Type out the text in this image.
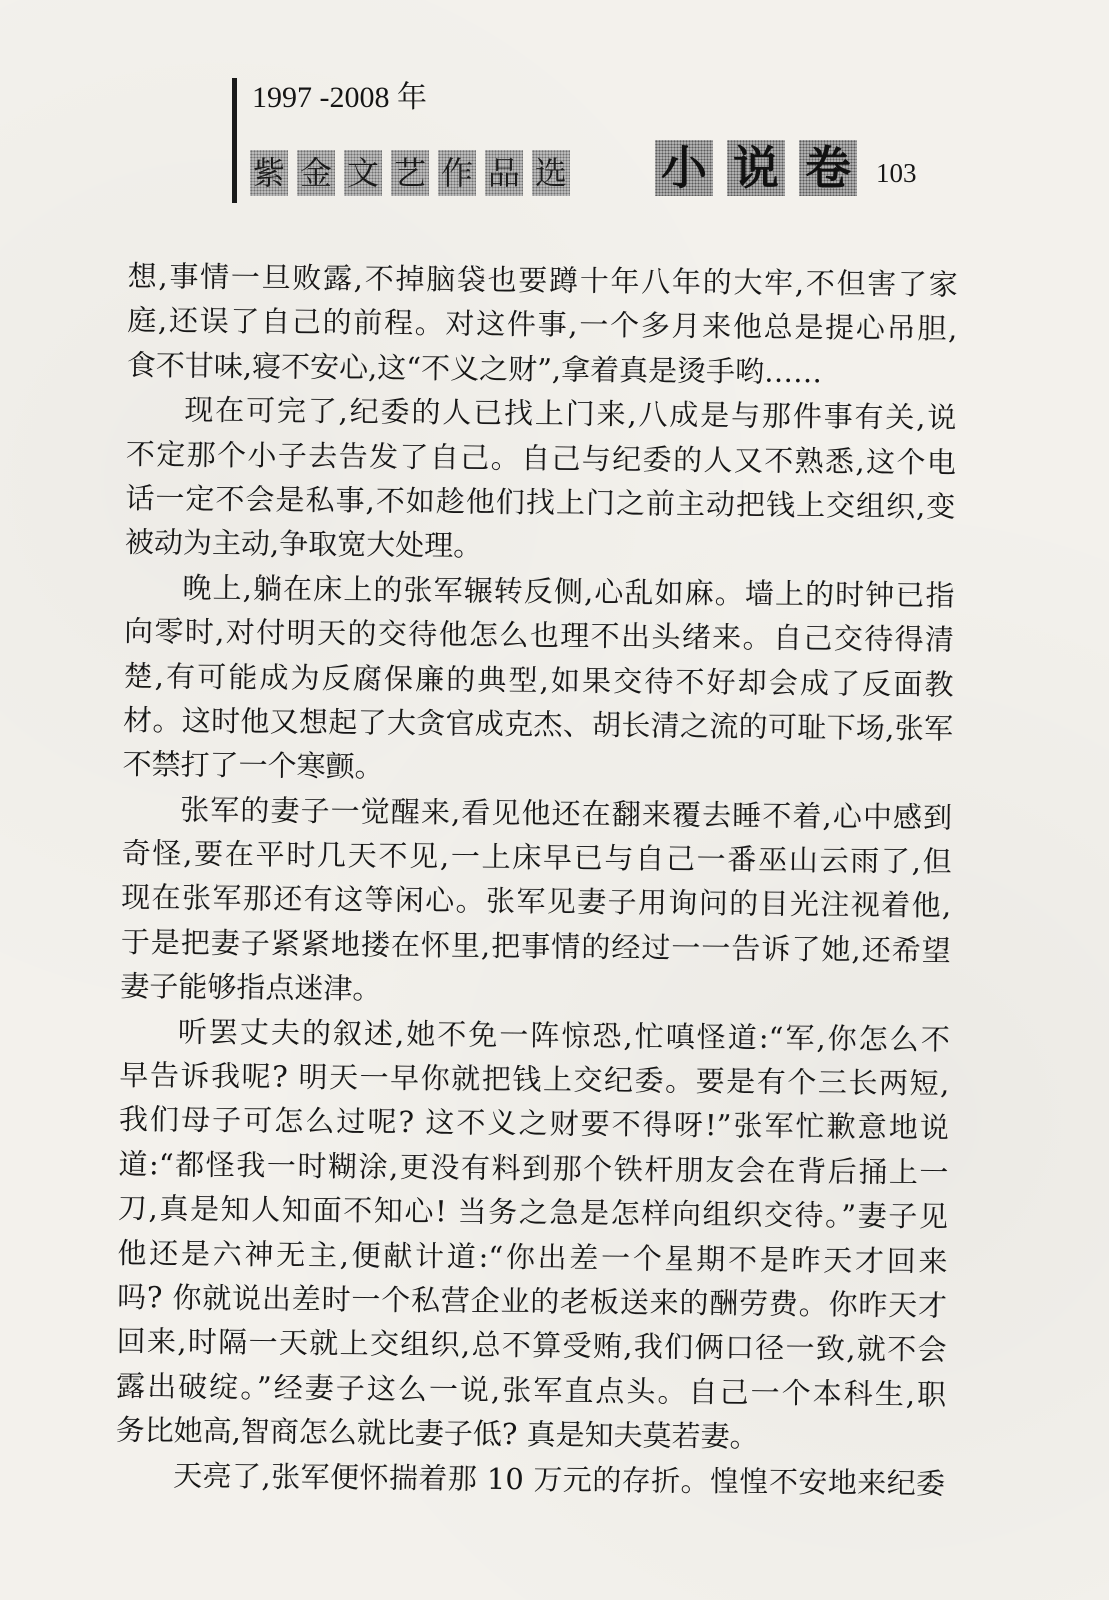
1997 -2008 年
紫 金 文 艺 作 品 选 小 说 卷 103
想,事情一旦败露,不掉脑袋也要蹲十年八年的大牢,不但害了家
庭,还误了自己的前程。对这件事,一个多月来他总是提心吊胆,
食不甘味,寝不安心,这“不义之财”,拿着真是烫手哟……
现在可完了,纪委的人已找上门来,八成是与那件事有关,说
不定那个小子去告发了自己。自己与纪委的人又不熟悉,这个电
话一定不会是私事,不如趁他们找上门之前主动把钱上交组织,变
被动为主动,争取宽大处理。
晚上,躺在床上的张军辗转反侧,心乱如麻。墙上的时钟已指
向零时,对付明天的交待他怎么也理不出头绪来。自己交待得清
楚,有可能成为反腐保廉的典型,如果交待不好却会成了反面教
材。这时他又想起了大贪官成克杰、胡长清之流的可耻下场,张军
不禁打了一个寒颤。
张军的妻子一觉醒来,看见他还在翻来覆去睡不着,心中感到
奇怪,要在平时几天不见,一上床早已与自己一番巫山云雨了,但
现在张军那还有这等闲心。张军见妻子用询问的目光注视着他,
于是把妻子紧紧地搂在怀里,把事情的经过一一告诉了她,还希望
妻子能够指点迷津。
听罢丈夫的叙述,她不免一阵惊恐,忙嗔怪道:“军,你怎么不
早告诉我呢? 明天一早你就把钱上交纪委。要是有个三长两短,
我们母子可怎么过呢? 这不义之财要不得呀!”张军忙歉意地说
道:“都怪我一时糊涂,更没有料到那个铁杆朋友会在背后捅上一
刀,真是知人知面不知心! 当务之急是怎样向组织交待。”妻子见
他还是六神无主,便献计道:“你出差一个星期不是昨天才回来
吗? 你就说出差时一个私营企业的老板送来的酬劳费。你昨天才
回来,时隔一天就上交组织,总不算受贿,我们俩口径一致,就不会
露出破绽。”经妻子这么一说,张军直点头。自己一个本科生,职
务比她高,智商怎么就比妻子低? 真是知夫莫若妻。
天亮了,张军便怀揣着那 10 万元的存折。惶惶不安地来纪委
